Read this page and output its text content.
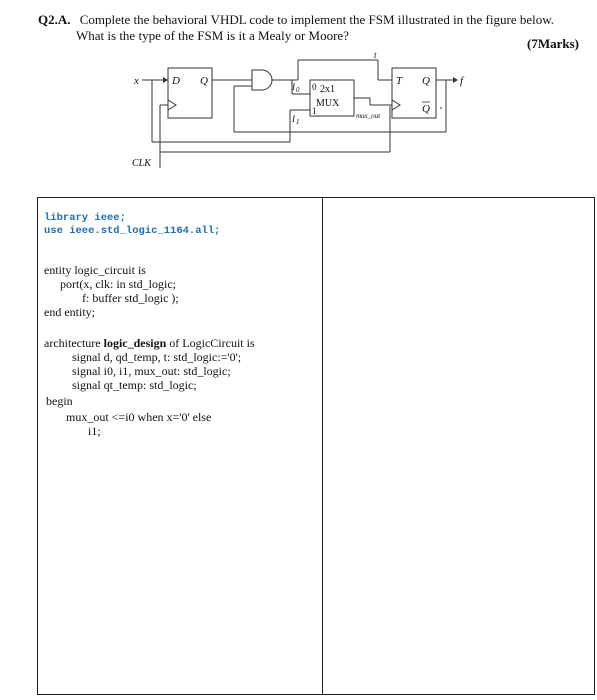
Q2.A. Complete the behavioral VHDL code to implement the FSM illustrated in the figure below.
What is the type of the FSM is it a Mealy or Moore?
(7Marks)
x	D Q
2x1
MUX
0
1
I 0
I 1
t
T Q
Q
mux_out
f
CLK
library ieee;
use ieee.std_logic_1164.all;
entity logic_circuit is
port(x, clk: in std_logic;
f: buffer std_logic );
end entity;
architecture logic_design of LogicCircuit is
signal d, qd_temp, t: std_logic:='0';
signal i0, i1, mux_out: std_logic;
signal qt_temp: std_logic;
begin
mux_out <=i0 when x='0' else
i1;
